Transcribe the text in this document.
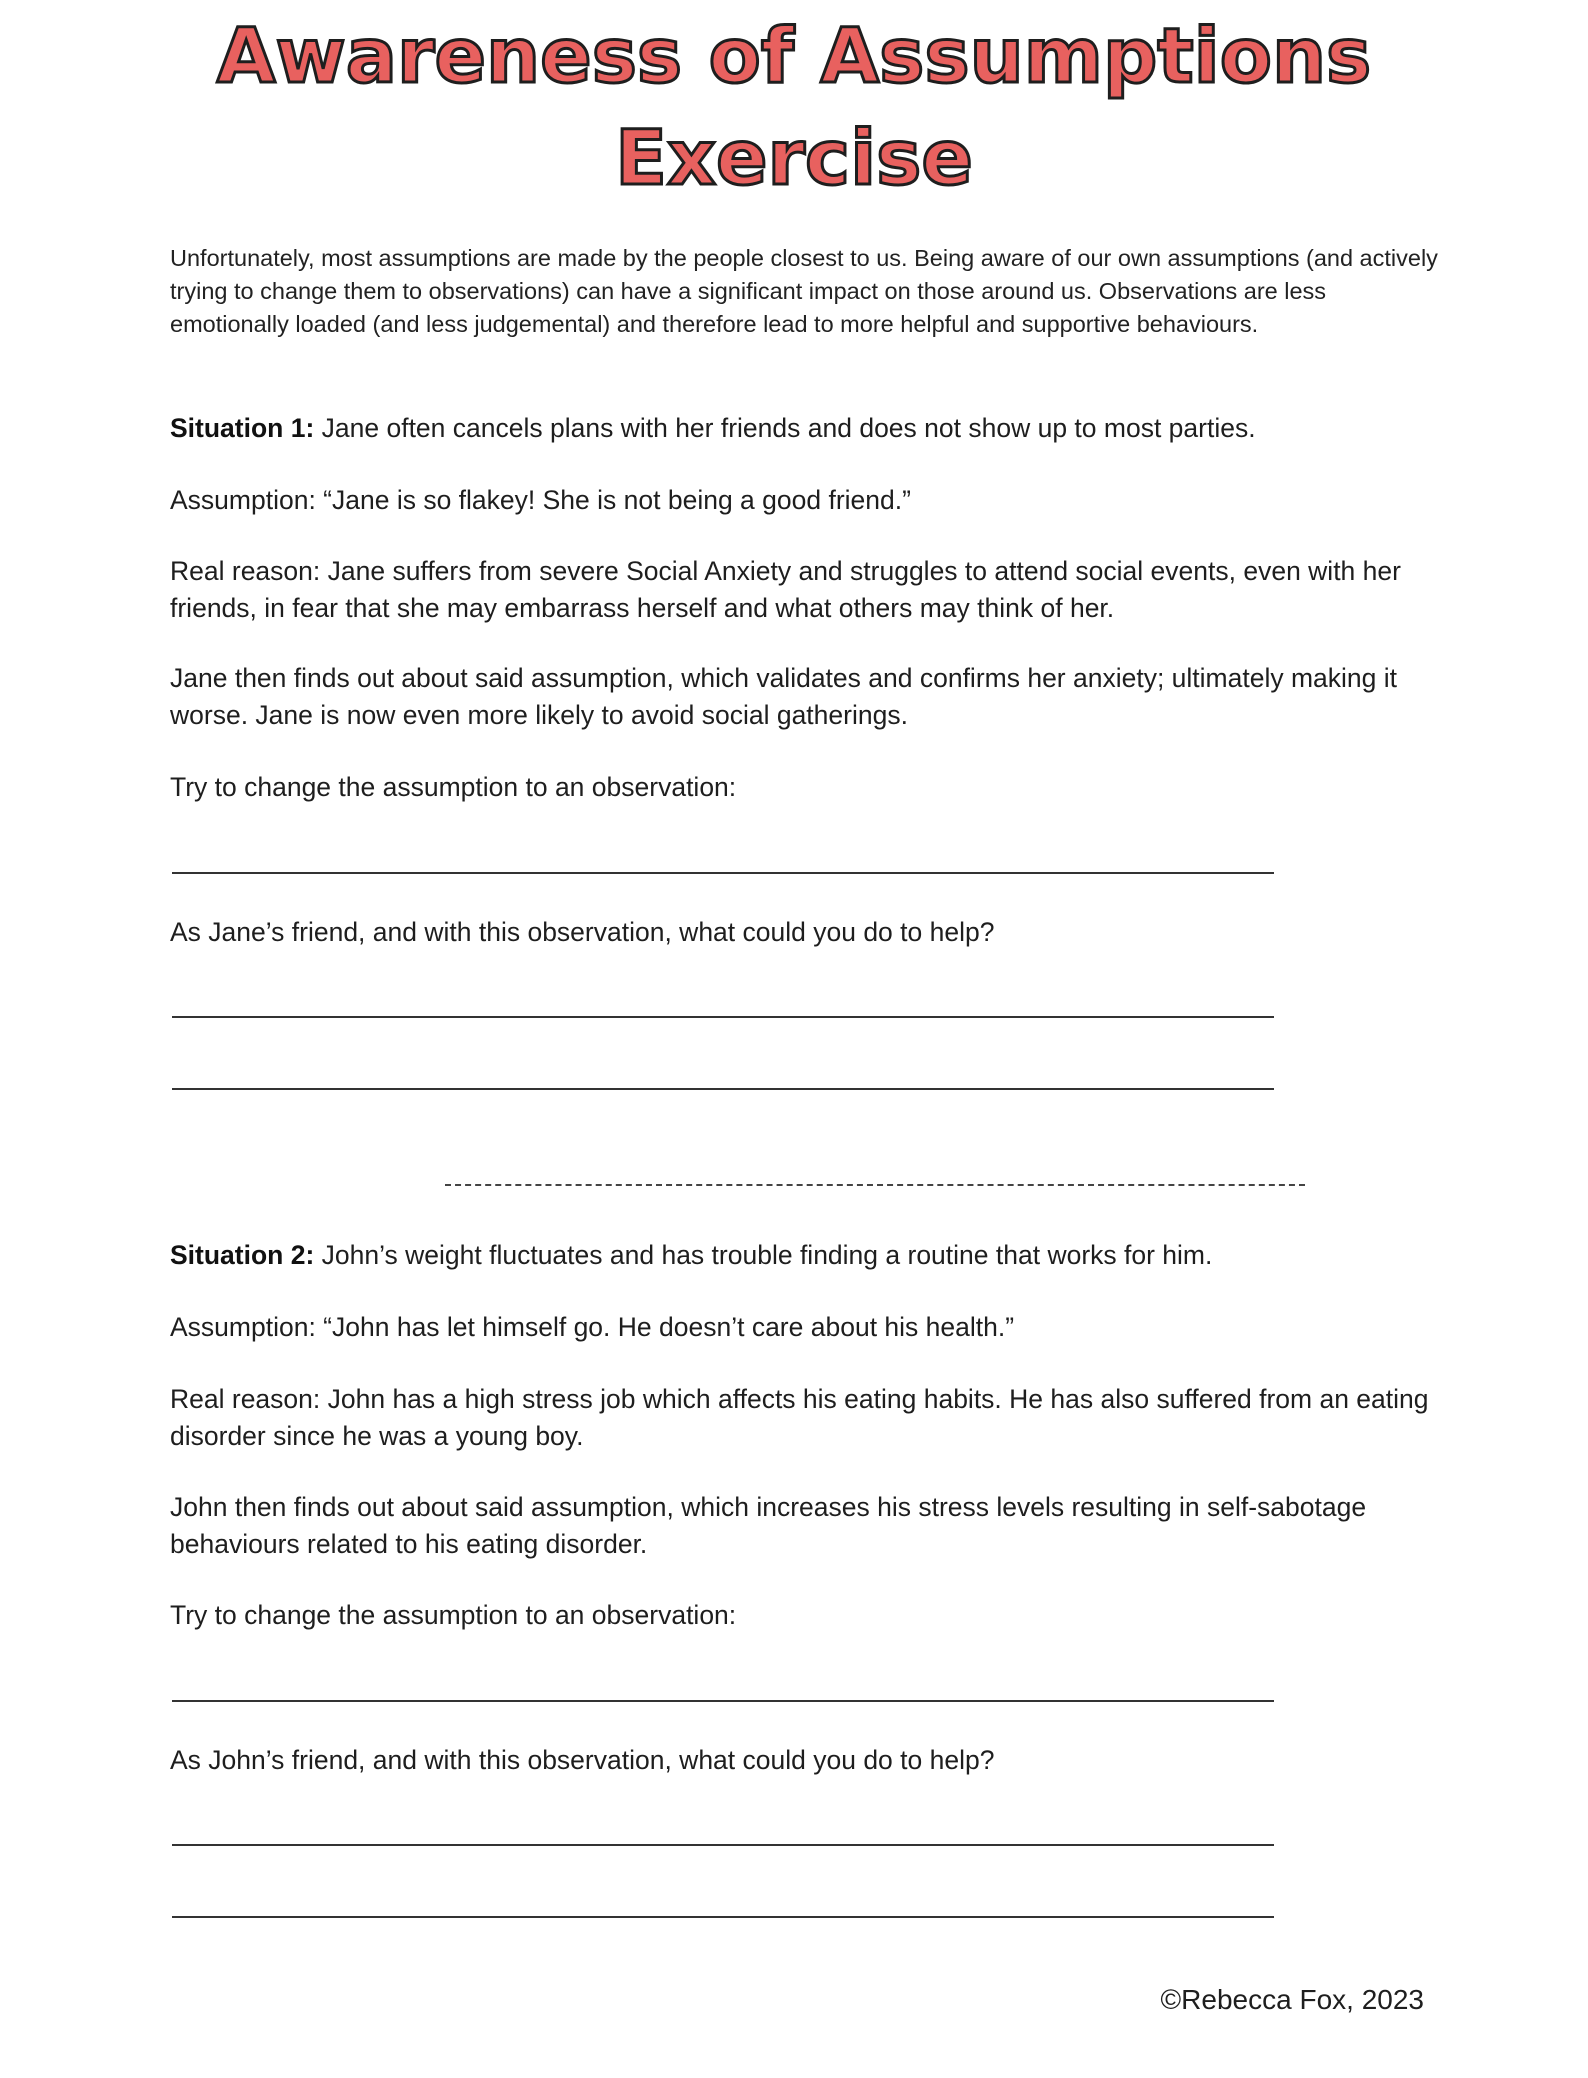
Awareness of Assumptions
Exercise
Unfortunately, most assumptions are made by the people closest to us. Being aware of our own assumptions (and actively trying to change them to observations) can have a significant impact on those around us. Observations are less emotionally loaded (and less judgemental) and therefore lead to more helpful and supportive behaviours.
Situation 1: Jane often cancels plans with her friends and does not show up to most parties.
Assumption: “Jane is so flakey! She is not being a good friend.”
Real reason: Jane suffers from severe Social Anxiety and struggles to attend social events, even with her friends, in fear that she may embarrass herself and what others may think of her.
Jane then finds out about said assumption, which validates and confirms her anxiety; ultimately making it worse. Jane is now even more likely to avoid social gatherings.
Try to change the assumption to an observation:
As Jane’s friend, and with this observation, what could you do to help?
Situation 2: John’s weight fluctuates and has trouble finding a routine that works for him.
Assumption: “John has let himself go. He doesn’t care about his health.”
Real reason: John has a high stress job which affects his eating habits. He has also suffered from an eating disorder since he was a young boy.
John then finds out about said assumption, which increases his stress levels resulting in self-sabotage behaviours related to his eating disorder.
Try to change the assumption to an observation:
As John’s friend, and with this observation, what could you do to help?
©Rebecca Fox, 2023
